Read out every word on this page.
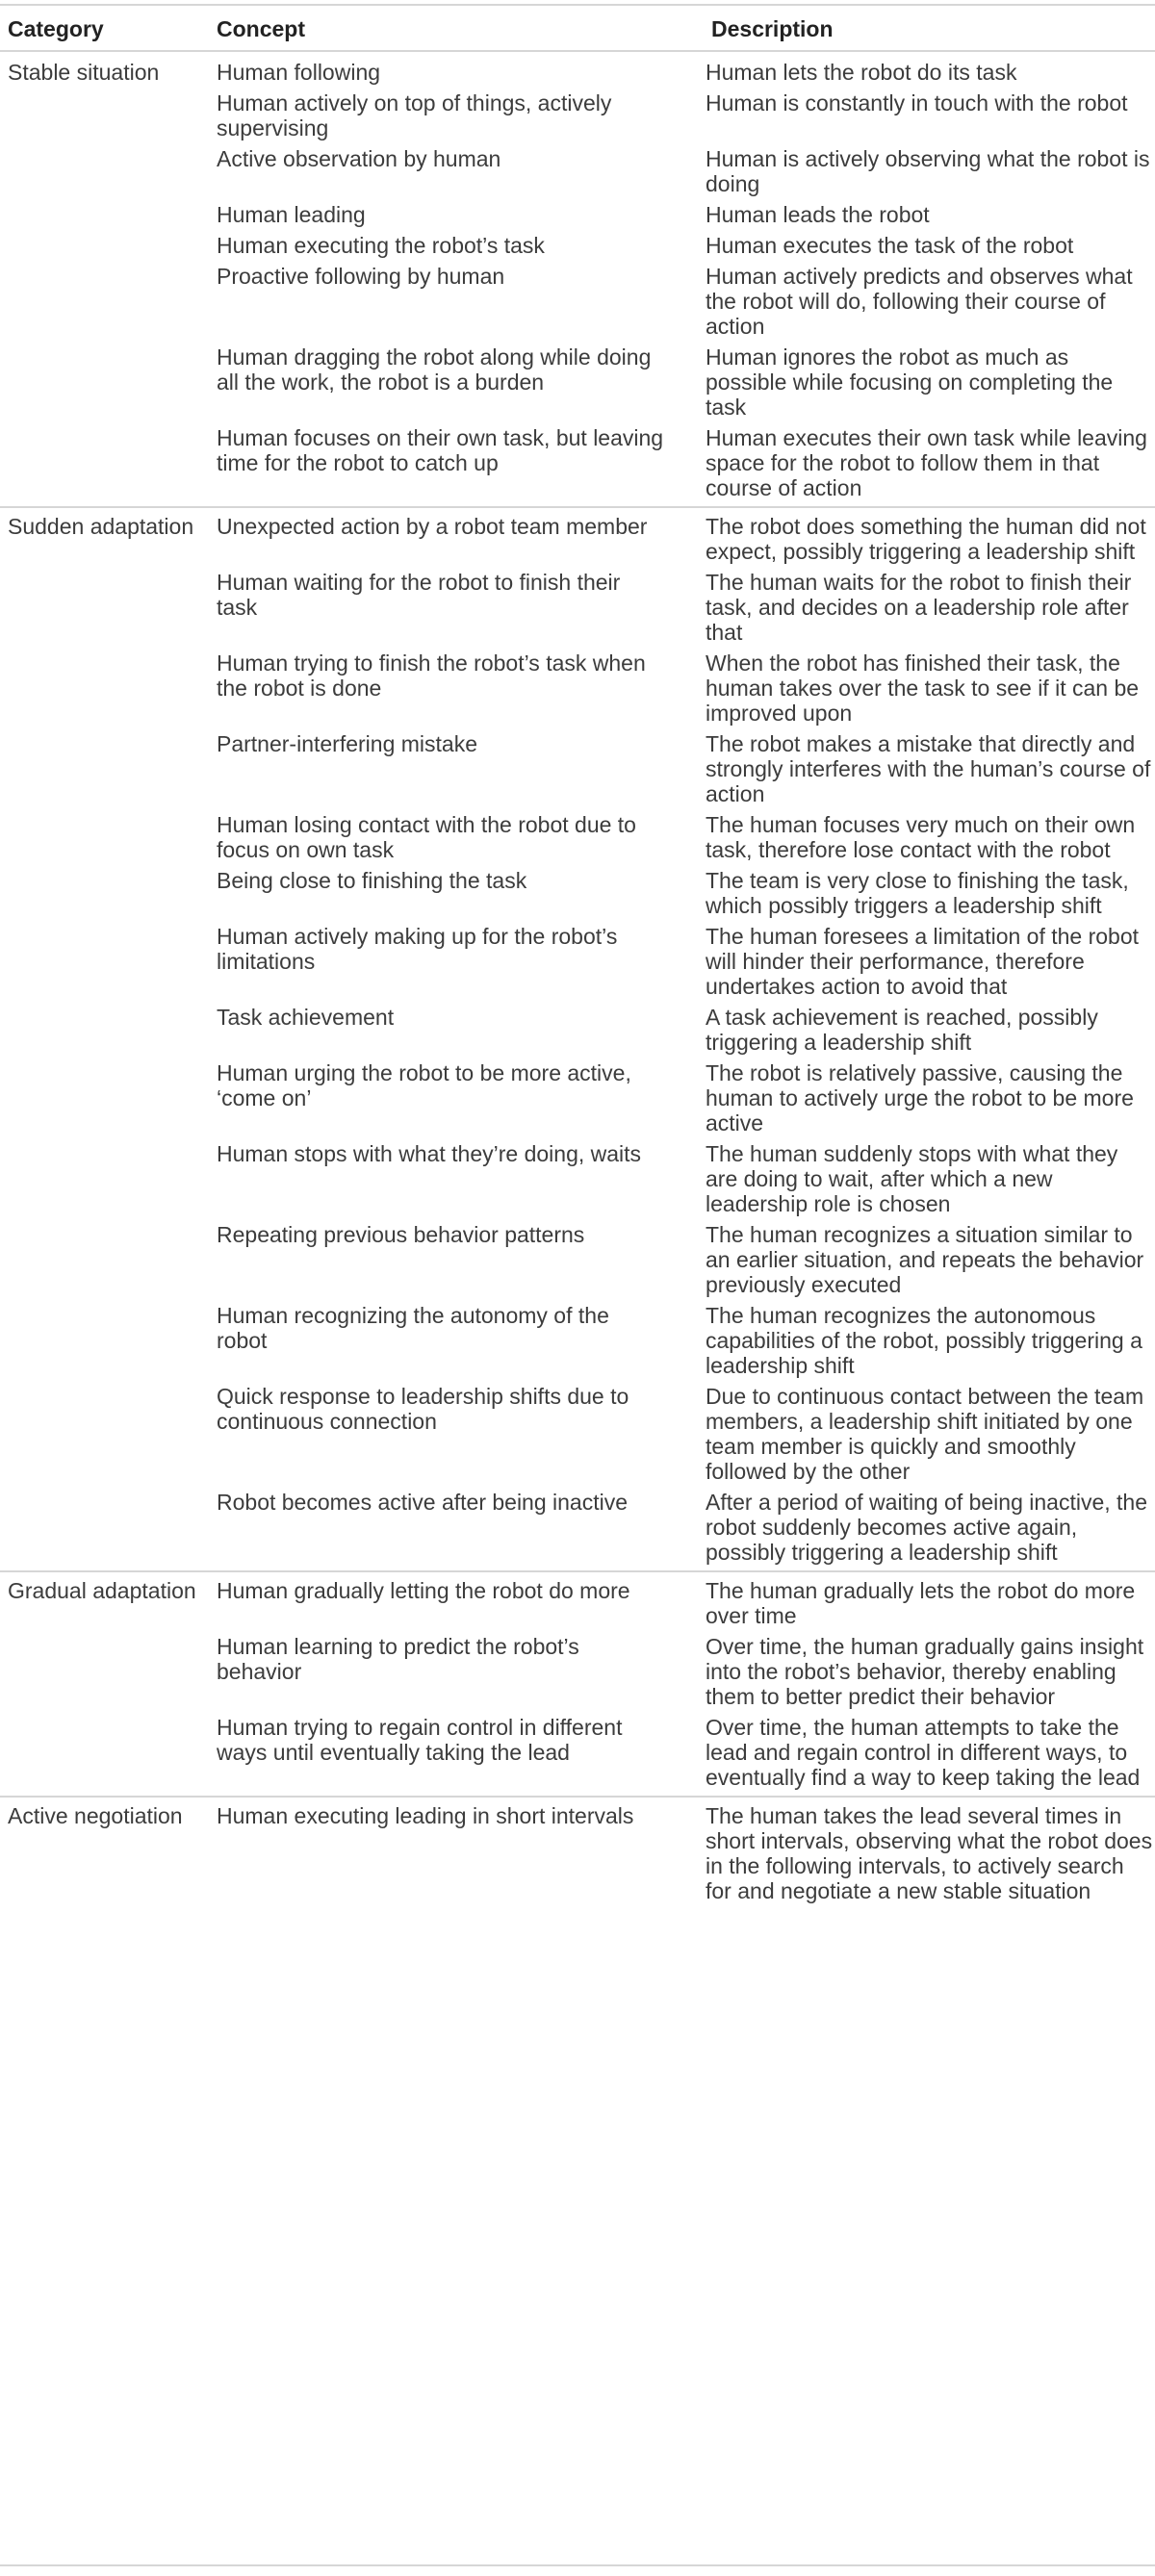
Category	Concept	Description
Stable situation	Human following	Human lets the robot do its task
	Human actively on top of things, actively supervising	Human is constantly in touch with the robot
	Active observation by human	Human is actively observing what the robot is doing
	Human leading	Human leads the robot
	Human executing the robot’s task	Human executes the task of the robot
	Proactive following by human	Human actively predicts and observes what the robot will do, following their course of action
	Human dragging the robot along while doing all the work, the robot is a burden	Human ignores the robot as much as possible while focusing on completing the task
	Human focuses on their own task, but leaving time for the robot to catch up	Human executes their own task while leaving space for the robot to follow them in that course of action
Sudden adaptation	Unexpected action by a robot team member	The robot does something the human did not expect, possibly triggering a leadership shift
	Human waiting for the robot to finish their task	The human waits for the robot to finish their task, and decides on a leadership role after that
	Human trying to finish the robot’s task when the robot is done	When the robot has finished their task, the human takes over the task to see if it can be improved upon
	Partner-interfering mistake	The robot makes a mistake that directly and strongly interferes with the human’s course of action
	Human losing contact with the robot due to focus on own task	The human focuses very much on their own task, therefore lose contact with the robot
	Being close to finishing the task	The team is very close to finishing the task, which possibly triggers a leadership shift
	Human actively making up for the robot’s limitations	The human foresees a limitation of the robot will hinder their performance, therefore undertakes action to avoid that
	Task achievement	A task achievement is reached, possibly triggering a leadership shift
	Human urging the robot to be more active, ‘come on’	The robot is relatively passive, causing the human to actively urge the robot to be more active
	Human stops with what they’re doing, waits	The human suddenly stops with what they are doing to wait, after which a new leadership role is chosen
	Repeating previous behavior patterns	The human recognizes a situation similar to an earlier situation, and repeats the behavior previously executed
	Human recognizing the autonomy of the robot	The human recognizes the autonomous capabilities of the robot, possibly triggering a leadership shift
	Quick response to leadership shifts due to continuous connection	Due to continuous contact between the team members, a leadership shift initiated by one team member is quickly and smoothly followed by the other
	Robot becomes active after being inactive	After a period of waiting of being inactive, the robot suddenly becomes active again, possibly triggering a leadership shift
Gradual adaptation	Human gradually letting the robot do more	The human gradually lets the robot do more over time
	Human learning to predict the robot’s behavior	Over time, the human gradually gains insight into the robot’s behavior, thereby enabling them to better predict their behavior
	Human trying to regain control in different ways until eventually taking the lead	Over time, the human attempts to take the lead and regain control in different ways, to eventually find a way to keep taking the lead
Active negotiation	Human executing leading in short intervals	The human takes the lead several times in short intervals, observing what the robot does in the following intervals, to actively search for and negotiate a new stable situation
